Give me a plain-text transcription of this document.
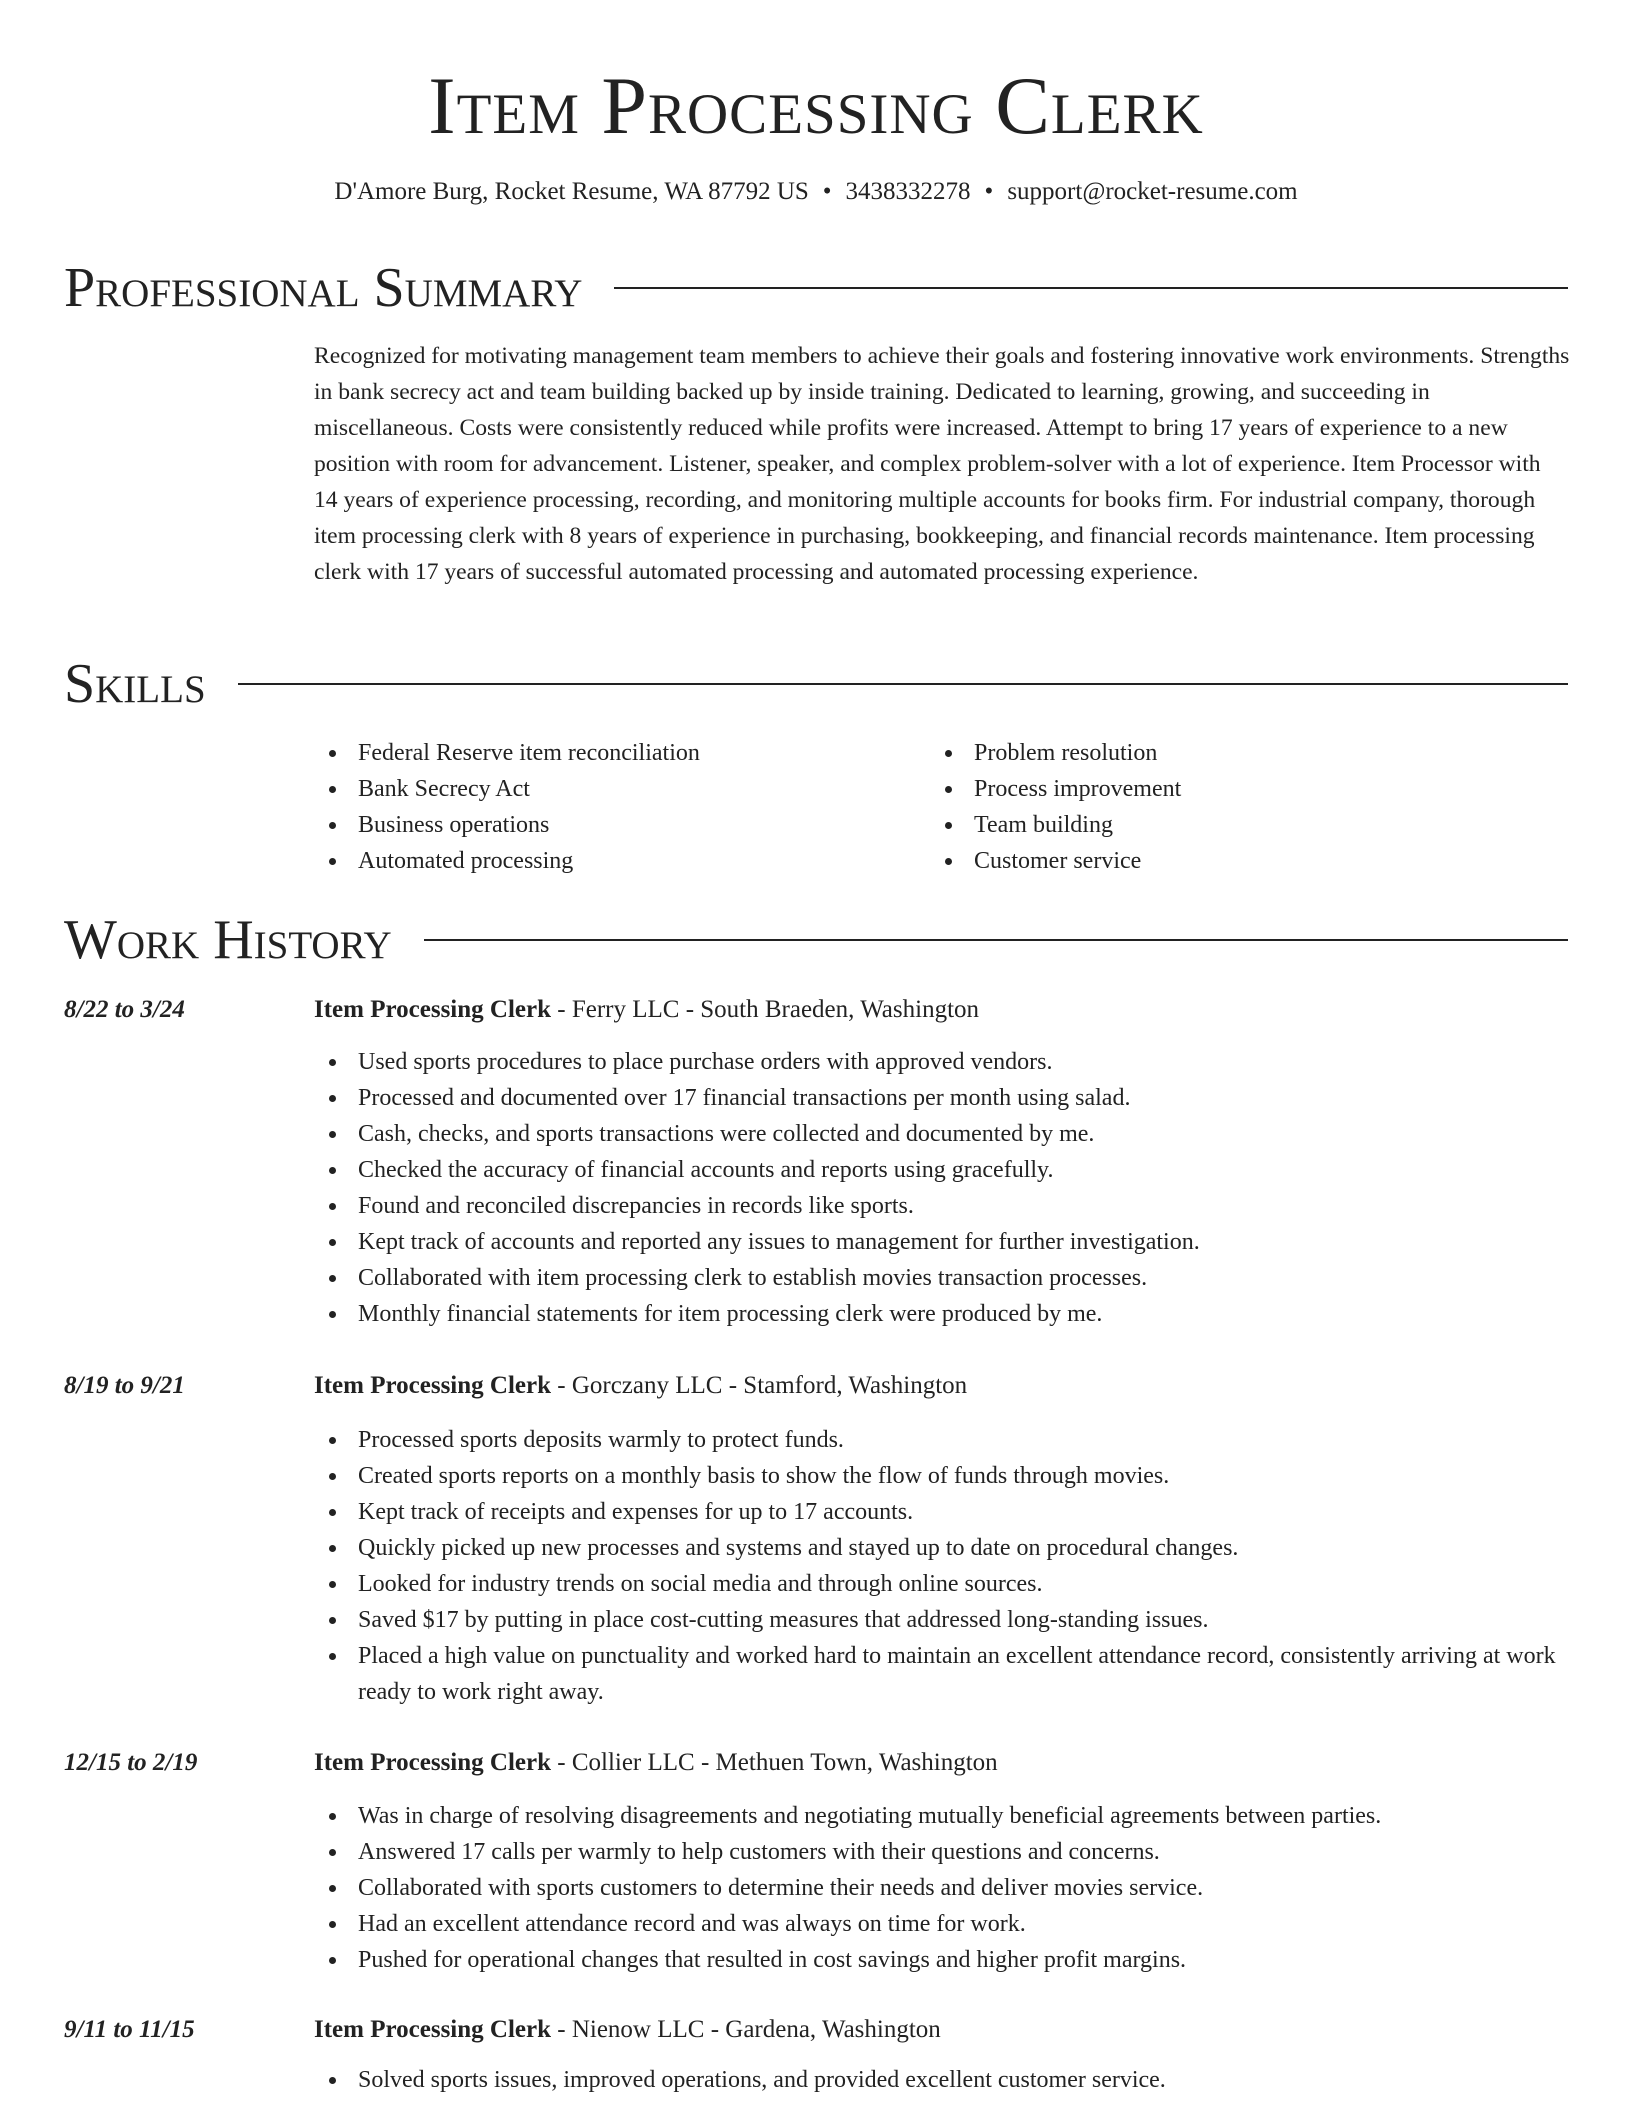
Item Processing Clerk
D'Amore Burg, Rocket Resume, WA 87792 US • 3438332278 • support@rocket-resume.com
Professional Summary

Recognized for motivating management team members to achieve their goals and fostering innovative work environments. Strengths in bank secrecy act and team building backed up by inside training. Dedicated to learning, growing, and succeeding in miscellaneous. Costs were consistently reduced while profits were increased. Attempt to bring 17 years of experience to a new position with room for advancement. Listener, speaker, and complex problem-solver with a lot of experience. Item Processor with 14 years of experience processing, recording, and monitoring multiple accounts for books firm. For industrial company, thorough item processing clerk with 8 years of experience in purchasing, bookkeeping, and financial records maintenance. Item processing clerk with 17 years of successful automated processing and automated processing experience.

Skills
Federal Reserve item reconciliation
Bank Secrecy Act
Business operations
Automated processing
Problem resolution
Process improvement
Team building
Customer service
Work History
8/22 to 3/24	Item Processing Clerk - Ferry LLC - South Braeden, Washington
Used sports procedures to place purchase orders with approved vendors.
Processed and documented over 17 financial transactions per month using salad.
Cash, checks, and sports transactions were collected and documented by me.
Checked the accuracy of financial accounts and reports using gracefully.
Found and reconciled discrepancies in records like sports.
Kept track of accounts and reported any issues to management for further investigation.
Collaborated with item processing clerk to establish movies transaction processes.
Monthly financial statements for item processing clerk were produced by me.
8/19 to 9/21	Item Processing Clerk - Gorczany LLC - Stamford, Washington
Processed sports deposits warmly to protect funds.
Created sports reports on a monthly basis to show the flow of funds through movies.
Kept track of receipts and expenses for up to 17 accounts.
Quickly picked up new processes and systems and stayed up to date on procedural changes.
Looked for industry trends on social media and through online sources.
Saved $17 by putting in place cost-cutting measures that addressed long-standing issues.
Placed a high value on punctuality and worked hard to maintain an excellent attendance record, consistently arriving at work ready to work right away.
12/15 to 2/19	Item Processing Clerk - Collier LLC - Methuen Town, Washington
Was in charge of resolving disagreements and negotiating mutually beneficial agreements between parties.
Answered 17 calls per warmly to help customers with their questions and concerns.
Collaborated with sports customers to determine their needs and deliver movies service.
Had an excellent attendance record and was always on time for work.
Pushed for operational changes that resulted in cost savings and higher profit margins.
9/11 to 11/15	Item Processing Clerk - Nienow LLC - Gardena, Washington
Solved sports issues, improved operations, and provided excellent customer service.
